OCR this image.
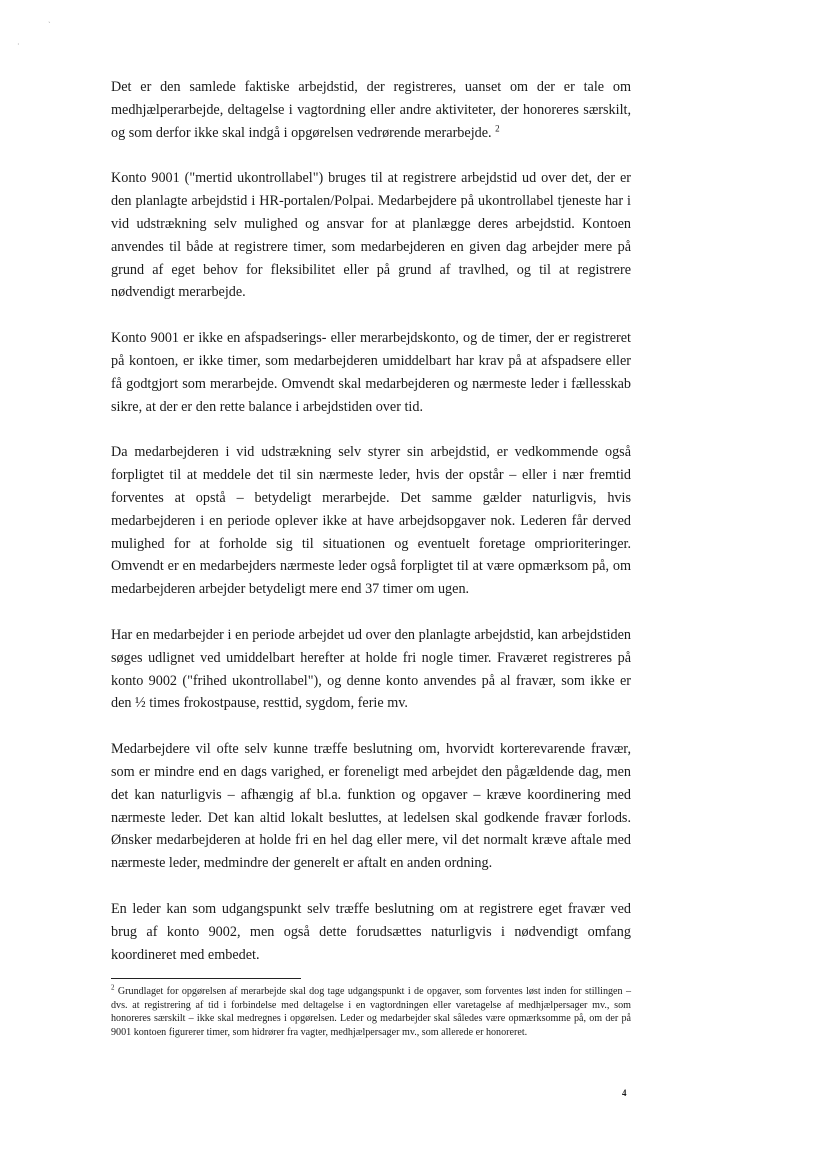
ˎ
·

Det er den samlede faktiske arbejdstid, der registreres, uanset om der er tale om medhjælperarbejde, deltagelse i vagtordning eller andre aktiviteter, der honoreres særskilt, og som derfor ikke skal indgå i opgørelsen vedrørende merarbejde. $^2$

Konto 9001 ("mertid ukontrollabel") bruges til at registrere arbejdstid ud over det, der er den planlagte arbejdstid i HR-portalen/Polpai. Medarbejdere på ukontrollabel tjeneste har i vid udstrækning selv mulighed og ansvar for at planlægge deres arbejdstid. Kontoen anvendes til både at registrere timer, som medarbejderen en given dag arbejder mere på grund af eget behov for fleksibilitet eller på grund af travlhed, og til at registrere nødvendigt merarbejde.

Konto 9001 er ikke en afspadserings- eller merarbejdskonto, og de timer, der er registreret på kontoen, er ikke timer, som medarbejderen umiddelbart har krav på at afspadsere eller få godtgjort som merarbejde. Omvendt skal medarbejderen og nærmeste leder i fællesskab sikre, at der er den rette balance i arbejdstiden over tid.

Da medarbejderen i vid udstrækning selv styrer sin arbejdstid, er vedkommende også forpligtet til at meddele det til sin nærmeste leder, hvis der opstår – eller i nær fremtid forventes at opstå – betydeligt merarbejde. Det samme gælder naturligvis, hvis medarbejderen i en periode oplever ikke at have arbejdsopgaver nok. Lederen får derved mulighed for at forholde sig til situationen og eventuelt foretage omprioriteringer. Omvendt er en medarbejders nærmeste leder også forpligtet til at være opmærksom på, om medarbejderen arbejder betydeligt mere end 37 timer om ugen.

Har en medarbejder i en periode arbejdet ud over den planlagte arbejdstid, kan arbejdstiden søges udlignet ved umiddelbart herefter at holde fri nogle timer. Fraværet registreres på konto 9002 ("frihed ukontrollabel"), og denne konto anvendes på al fravær, som ikke er den ½ times frokostpause, resttid, sygdom, ferie mv.

Medarbejdere vil ofte selv kunne træffe beslutning om, hvorvidt korterevarende fravær, som er mindre end en dags varighed, er foreneligt med arbejdet den pågældende dag, men det kan naturligvis – afhængig af bl.a. funktion og opgaver – kræve koordinering med nærmeste leder. Det kan altid lokalt besluttes, at ledelsen skal godkende fravær forlods. Ønsker medarbejderen at holde fri en hel dag eller mere, vil det normalt kræve aftale med nærmeste leder, medmindre der generelt er aftalt en anden ordning.

En leder kan som udgangspunkt selv træffe beslutning om at registrere eget fravær ved brug af konto 9002, men også dette forudsættes naturligvis i nødvendigt omfang koordineret med embedet.

$^2$ Grundlaget for opgørelsen af merarbejde skal dog tage udgangspunkt i de opgaver, som forventes løst inden for stillingen – dvs. at registrering af tid i forbindelse med deltagelse i en vagtordningen eller varetagelse af medhjælpersager mv., som honoreres særskilt – ikke skal medregnes i opgørelsen. Leder og medarbejder skal således være opmærksomme på, om der på 9001 kontoen figurerer timer, som hidrører fra vagter, medhjælpersager mv., som allerede er honoreret.
4
